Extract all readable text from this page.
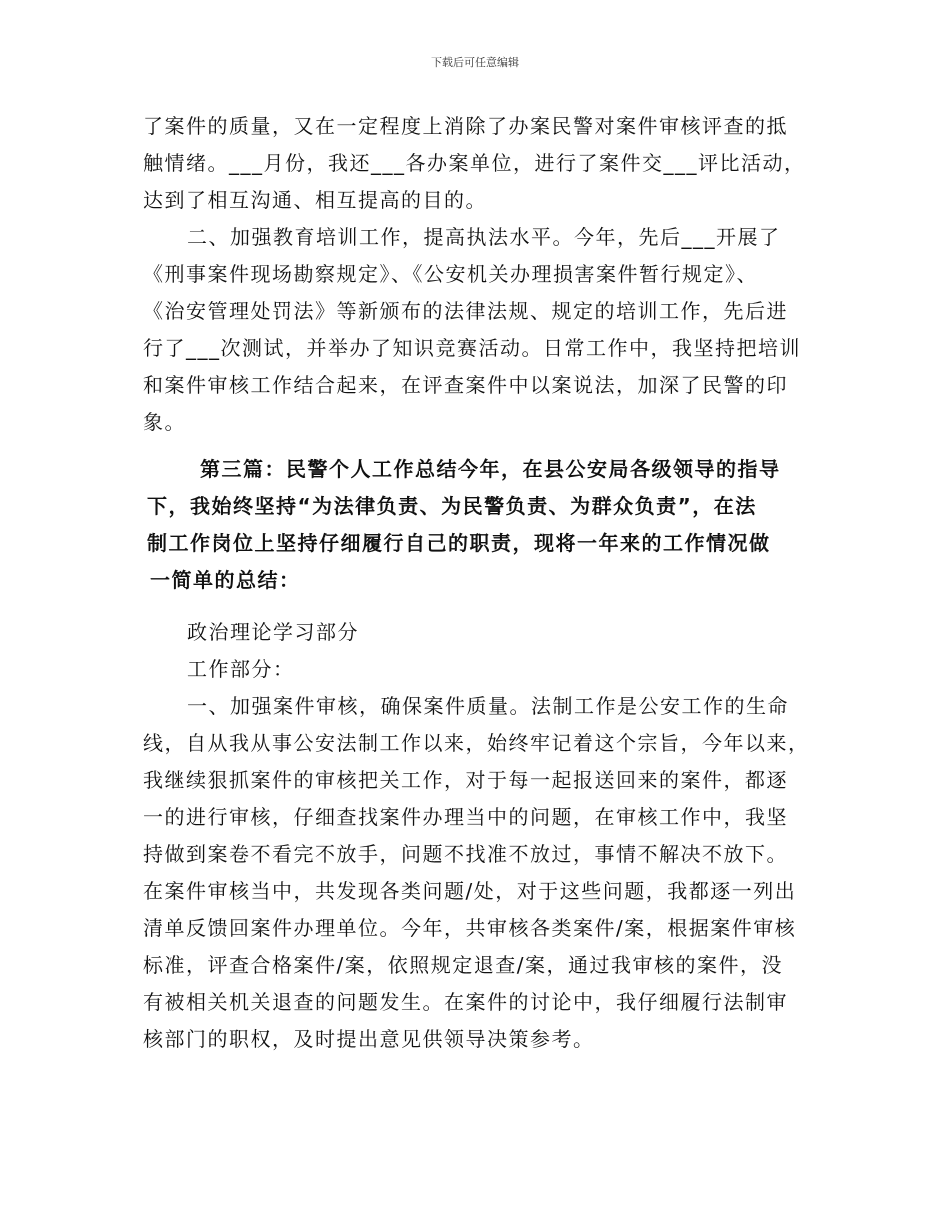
下载后可任意编辑
了案件的质量，又在一定程度上消除了办案民警对案件审核评查的抵
触情绪。___月份，我还___各办案单位，进行了案件交___评比活动，
达到了相互沟通、相互提高的目的。
二、加强教育培训工作，提高执法水平。今年，先后___开展了
《刑事案件现场勘察规定》、《公安机关办理损害案件暂行规定》、
《治安管理处罚法》等新颁布的法律法规、规定的培训工作，先后进
行了___次测试，并举办了知识竞赛活动。日常工作中，我坚持把培训
和案件审核工作结合起来，在评查案件中以案说法，加深了民警的印
象。
第三篇：民警个人工作总结今年，在县公安局各级领导的指导
下，我始终坚持“为法律负责、为民警负责、为群众负责”，在法
制工作岗位上坚持仔细履行自己的职责，现将一年来的工作情况做
一简单的总结：
政治理论学习部分
工作部分：
一、加强案件审核，确保案件质量。法制工作是公安工作的生命
线，自从我从事公安法制工作以来，始终牢记着这个宗旨，今年以来，
我继续狠抓案件的审核把关工作，对于每一起报送回来的案件，都逐
一的进行审核，仔细查找案件办理当中的问题，在审核工作中，我坚
持做到案卷不看完不放手，问题不找准不放过，事情不解决不放下。
在案件审核当中，共发现各类问题/处，对于这些问题，我都逐一列出
清单反馈回案件办理单位。今年，共审核各类案件/案，根据案件审核
标准，评查合格案件/案，依照规定退查/案，通过我审核的案件，没
有被相关机关退查的问题发生。在案件的讨论中，我仔细履行法制审
核部门的职权，及时提出意见供领导决策参考。
